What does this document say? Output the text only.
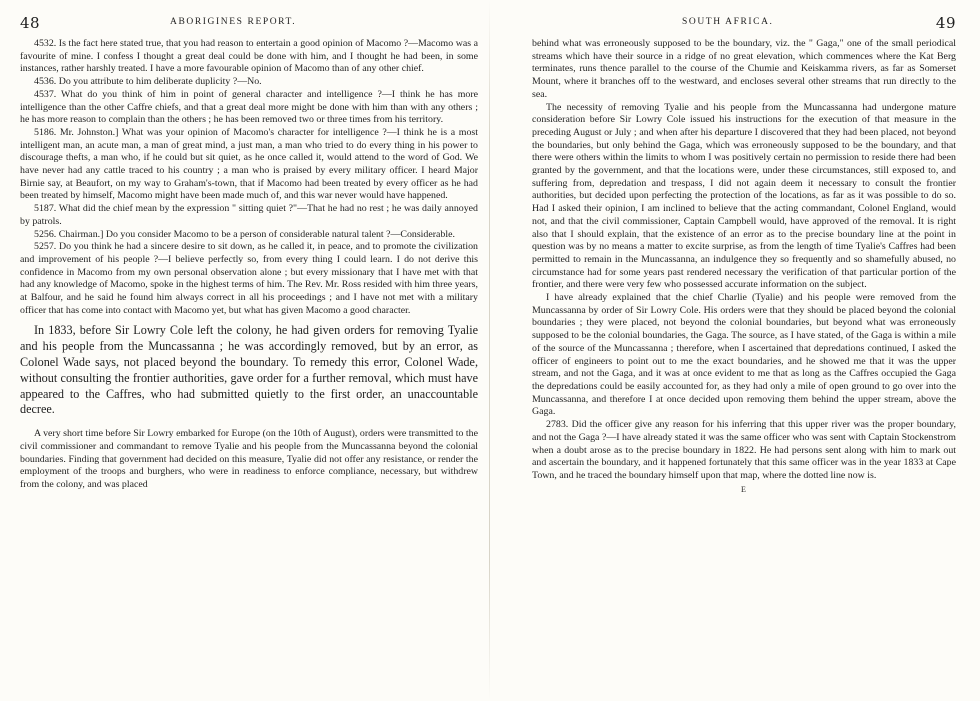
48	ABORIGINES REPORT.

4532. Is the fact here stated true, that you had reason to entertain a good opinion of Macomo ?—Macomo was a favourite of mine. I confess I thought a great deal could be done with him, and I thought he had been, in some instances, rather harshly treated. I have a more favourable opinion of Macomo than of any other chief.

4536. Do you attribute to him deliberate duplicity ?—No.

4537. What do you think of him in point of general character and intelligence ?—I think he has more intelligence than the other Caffre chiefs, and that a great deal more might be done with him than with any others ; he has more reason to complain than the others ; he has been removed two or three times from his territory.

5186. Mr. Johnston.] What was your opinion of Macomo's character for intelligence ?—I think he is a most intelligent man, an acute man, a man of great mind, a just man, a man who tried to do every thing in his power to discourage thefts, a man who, if he could but sit quiet, as he once called it, would attend to the word of God. We have never had any cattle traced to his country ; a man who is praised by every military officer. I heard Major Birnie say, at Beaufort, on my way to Graham's-town, that if Macomo had been treated by every officer as he had been treated by himself, Macomo might have been made much of, and this war never would have happened.

5187. What did the chief mean by the expression " sitting quiet ?"—That he had no rest ; he was daily annoyed by patrols.

5256. Chairman.] Do you consider Macomo to be a person of considerable natural talent ?—Considerable.

5257. Do you think he had a sincere desire to sit down, as he called it, in peace, and to promote the civilization and improvement of his people ?—I believe perfectly so, from every thing I could learn. I do not derive this confidence in Macomo from my own personal observation alone ; but every missionary that I have met with that had any knowledge of Macomo, spoke in the highest terms of him. The Rev. Mr. Ross resided with him three years, at Balfour, and he said he found him always correct in all his proceedings ; and I have not met with a military officer that has come into contact with Macomo yet, but what has given Macomo a good character.

In 1833, before Sir Lowry Cole left the colony, he had given orders for removing Tyalie and his people from the Muncassanna ; he was accordingly removed, but by an error, as Colonel Wade says, not placed beyond the boundary. To remedy this error, Colonel Wade, without consulting the frontier authorities, gave order for a further removal, which must have appeared to the Caffres, who had submitted quietly to the first order, an unaccountable decree.

A very short time before Sir Lowry embarked for Europe (on the 10th of August), orders were transmitted to the civil commissioner and commandant to remove Tyalie and his people from the Muncassanna beyond the colonial boundaries. Finding that government had decided on this measure, Tyalie did not offer any resistance, or render the employment of the troops and burghers, who were in readiness to enforce compliance, necessary, but withdrew from the colony, and was placed

SOUTH AFRICA.	49

behind what was erroneously supposed to be the boundary, viz. the " Gaga," one of the small periodical streams which have their source in a ridge of no great elevation, which commences where the Kat Berg terminates, runs thence parallel to the course of the Chumie and Keiskamma rivers, as far as Somerset Mount, where it branches off to the westward, and encloses several other streams that run directly to the sea.

The necessity of removing Tyalie and his people from the Muncassanna had undergone mature consideration before Sir Lowry Cole issued his instructions for the execution of that measure in the preceding August or July ; and when after his departure I discovered that they had been placed, not beyond the boundaries, but only behind the Gaga, which was erroneously supposed to be the boundary, and that there were others within the limits to whom I was positively certain no permission to reside there had been granted by the government, and that the locations were, under these circumstances, still exposed to, and suffering from, depredation and trespass, I did not again deem it necessary to consult the frontier authorities, but decided upon perfecting the protection of the locations, as far as it was possible to do so. Had I asked their opinion, I am inclined to believe that the acting commandant, Colonel England, would not, and that the civil commissioner, Captain Campbell would, have approved of the removal. It is right also that I should explain, that the existence of an error as to the precise boundary line at the point in question was by no means a matter to excite surprise, as from the length of time Tyalie's Caffres had been permitted to remain in the Muncassanna, an indulgence they so frequently and so shamefully abused, no circumstance had for some years past rendered necessary the verification of that particular portion of the frontier, and there were very few who possessed accurate information on the subject.

I have already explained that the chief Charlie (Tyalie) and his people were removed from the Muncassanna by order of Sir Lowry Cole. His orders were that they should be placed beyond the colonial boundaries ; they were placed, not beyond the colonial boundaries, but beyond what was erroneously supposed to be the colonial boundaries, the Gaga. The source, as I have stated, of the Gaga is within a mile of the source of the Muncassanna ; therefore, when I ascertained that depredations continued, I asked the officer of engineers to point out to me the exact boundaries, and he showed me that it was the upper stream, and not the Gaga, and it was at once evident to me that as long as the Caffres occupied the Gaga the depredations could be easily accounted for, as they had only a mile of open ground to go over into the Muncassanna, and therefore I at once decided upon removing them behind the upper stream, above the Gaga.

2783. Did the officer give any reason for his inferring that this upper river was the proper boundary, and not the Gaga ?—I have already stated it was the same officer who was sent with Captain Stockenstrom when a doubt arose as to the precise boundary in 1822. He had persons sent along with him to mark out and ascertain the boundary, and it happened fortunately that this same officer was in the year 1833 at Cape Town, and he traced the boundary himself upon that map, where the dotted line now is.

E
